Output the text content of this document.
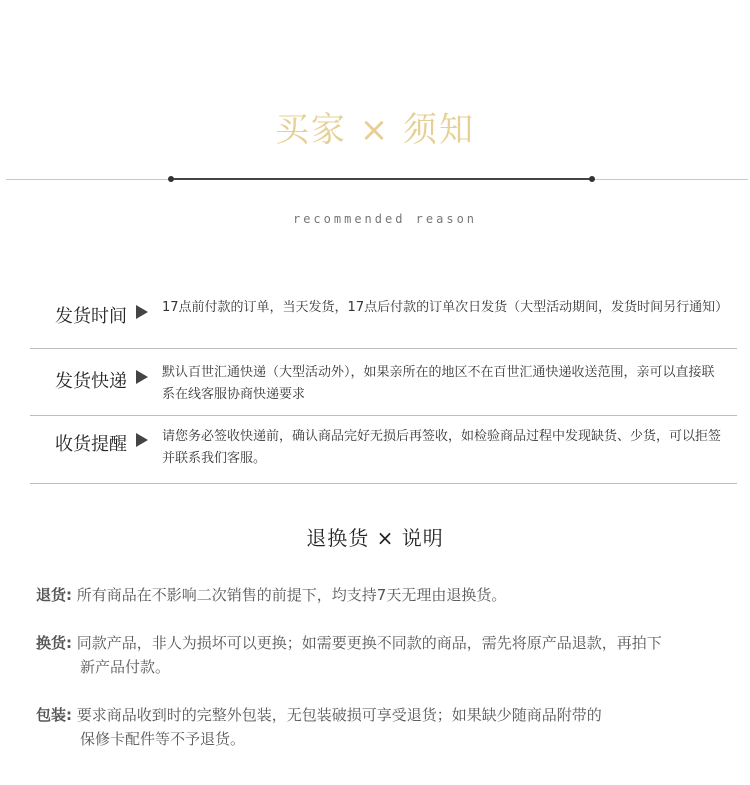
买家 × 须知
recommended reason
发货时间	17点前付款的订单，当天发货，17点后付款的订单次日发货（大型活动期间，发货时间另行通知）
发货快递	默认百世汇通快递（大型活动外），如果亲所在的地区不在百世汇通快递收送范围，亲可以直接联系在线客服协商快递要求
收货提醒	请您务必签收快递前，确认商品完好无损后再签收，如检验商品过程中发现缺货、少货，可以拒签并联系我们客服。
退换货 × 说明
退货: 所有商品在不影响二次销售的前提下，均支持7天无理由退换货。
换货: 同款产品，非人为损坏可以更换；如需要更换不同款的商品，需先将原产品退款，再拍下
新产品付款。
包装: 要求商品收到时的完整外包装，无包装破损可享受退货；如果缺少随商品附带的
保修卡配件等不予退货。
